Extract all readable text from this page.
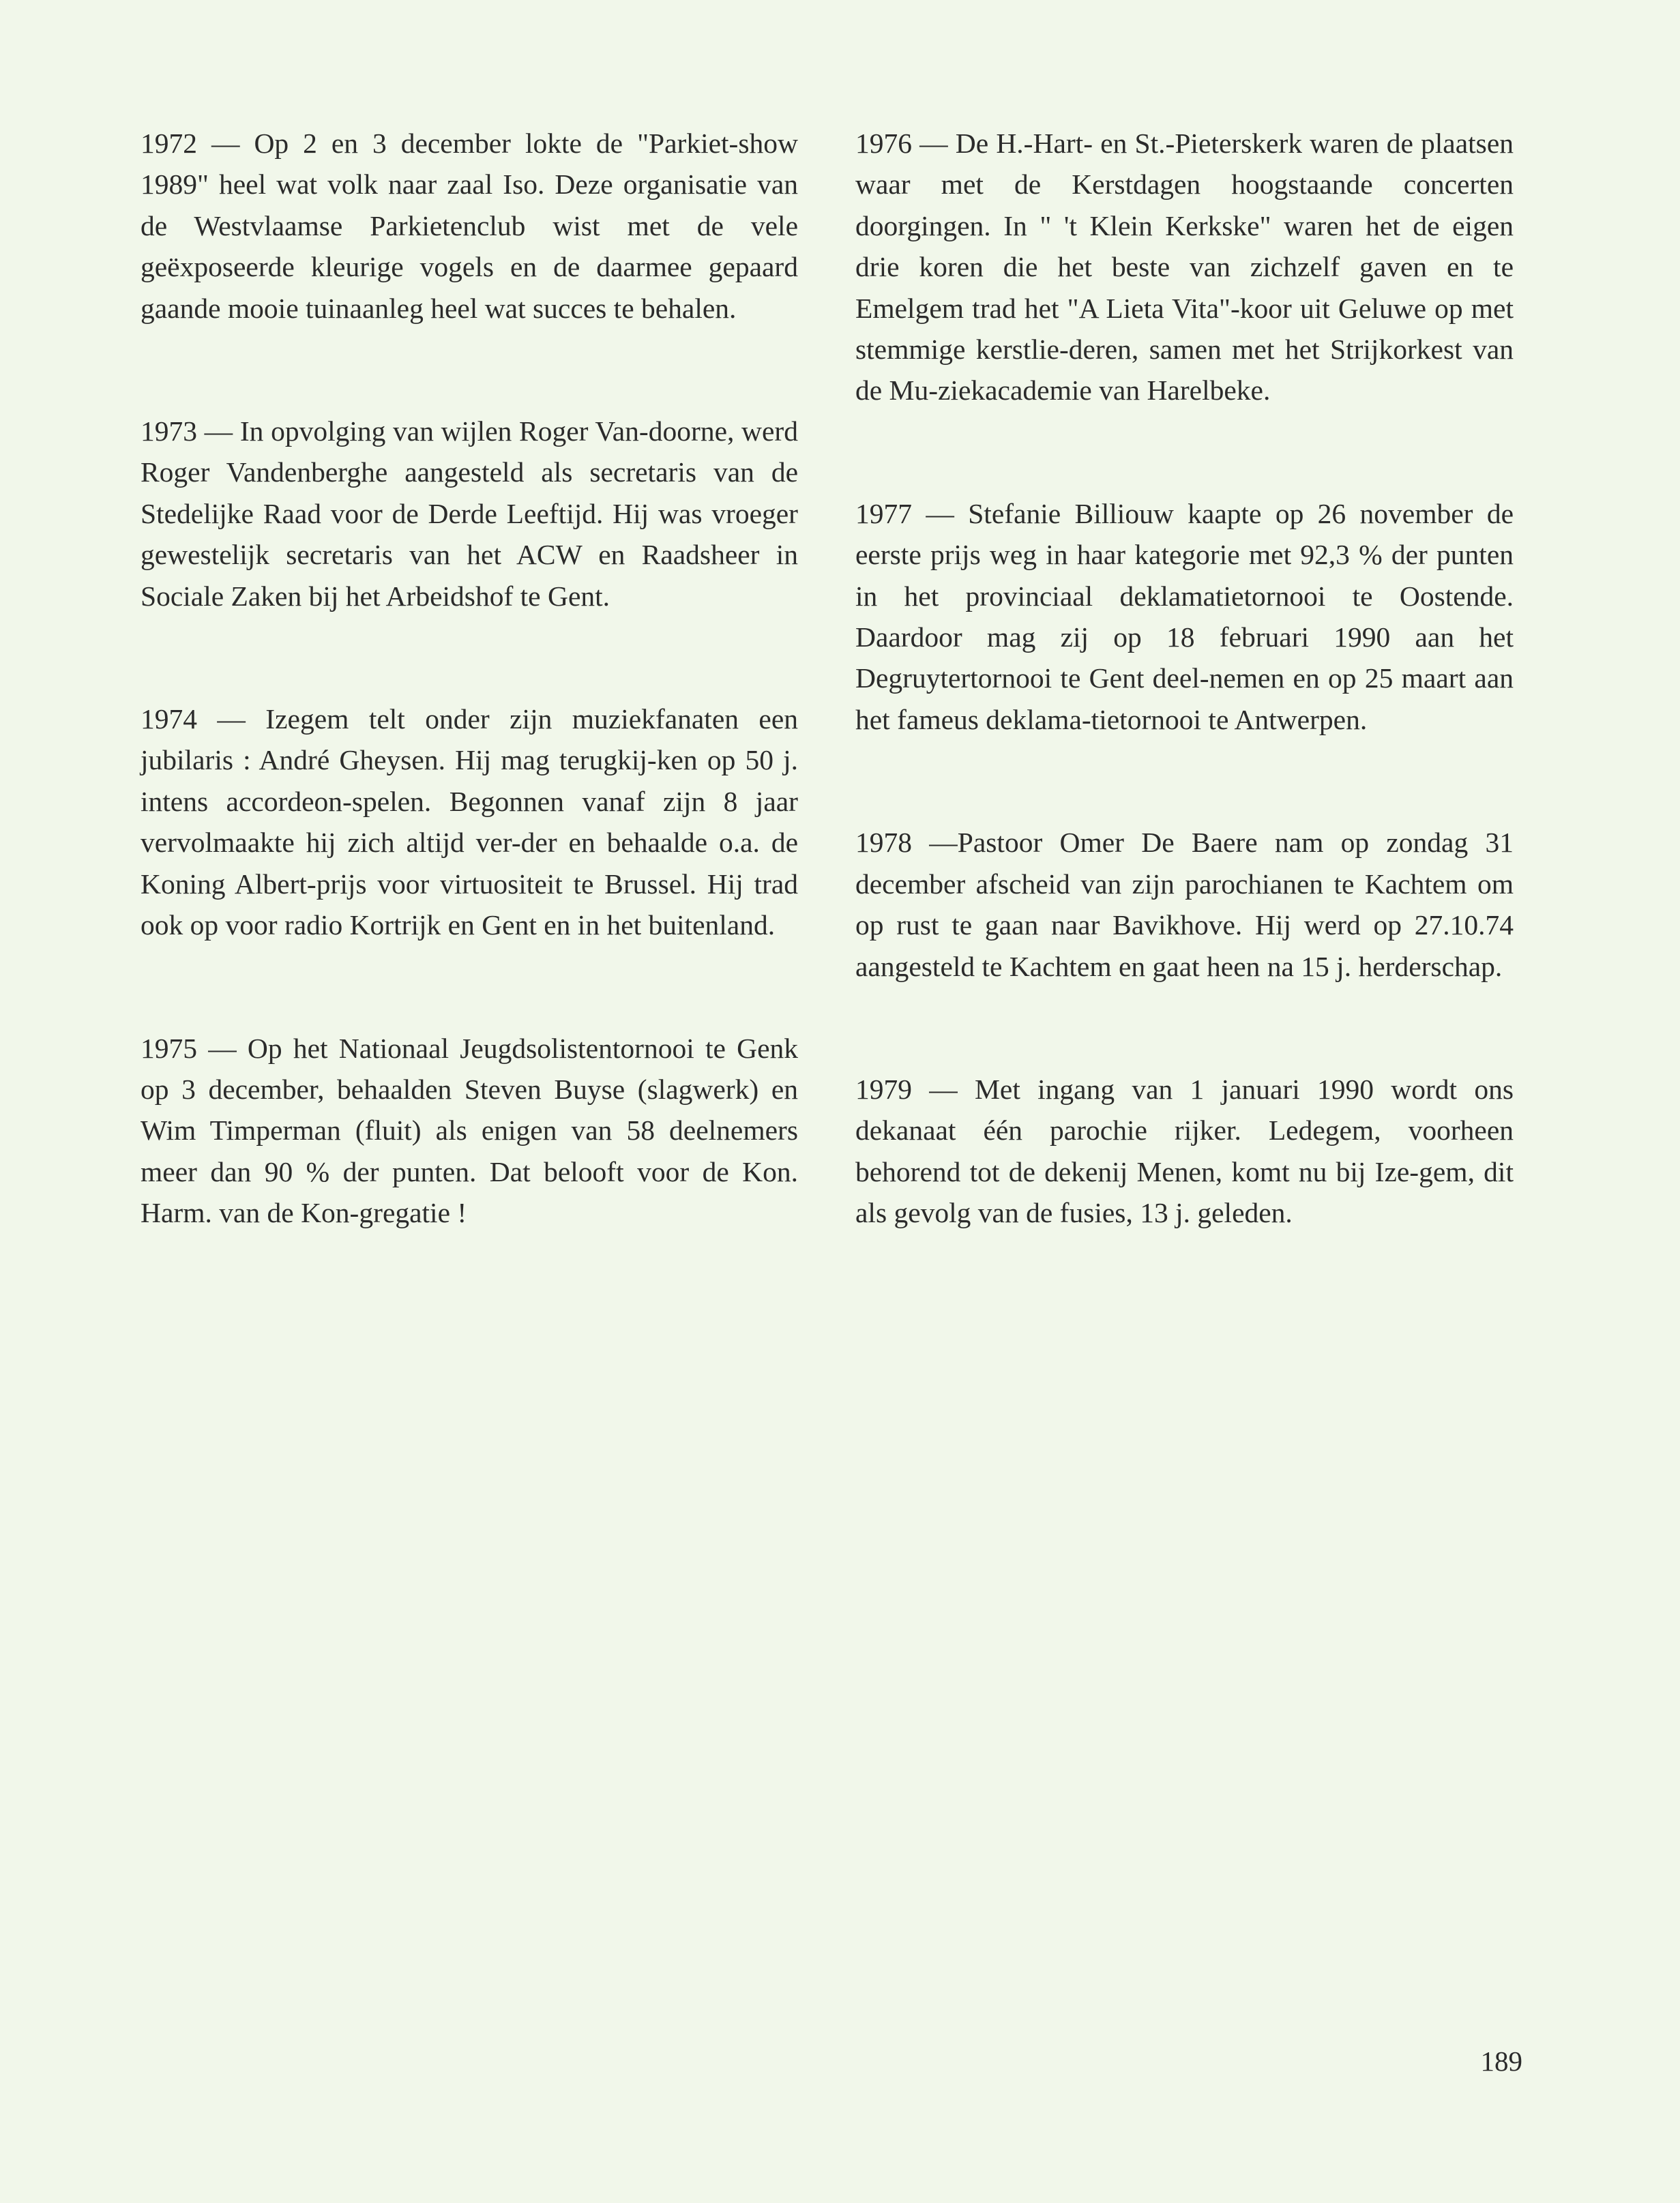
1972 — Op 2 en 3 december lokte de "Parkiet-show 1989" heel wat volk naar zaal Iso. Deze organisatie van de Westvlaamse Parkietenclub wist met de vele geëxposeerde kleurige vogels en de daarmee gepaard gaande mooie tuinaanleg heel wat succes te behalen.

1973 — In opvolging van wijlen Roger Van-doorne, werd Roger Vandenberghe aangesteld als secretaris van de Stedelijke Raad voor de Derde Leeftijd. Hij was vroeger gewestelijk secretaris van het ACW en Raadsheer in Sociale Zaken bij het Arbeidshof te Gent.

1974 — Izegem telt onder zijn muziekfanaten een jubilaris : André Gheysen. Hij mag terugkij-ken op 50 j. intens accordeon-spelen. Begonnen vanaf zijn 8 jaar vervolmaakte hij zich altijd ver-der en behaalde o.a. de Koning Albert-prijs voor virtuositeit te Brussel. Hij trad ook op voor radio Kortrijk en Gent en in het buitenland.

1975 — Op het Nationaal Jeugdsolistentornooi te Genk op 3 december, behaalden Steven Buyse (slagwerk) en Wim Timperman (fluit) als enigen van 58 deelnemers meer dan 90 % der punten. Dat belooft voor de Kon. Harm. van de Kon-gregatie !

1976 — De H.-Hart- en St.-Pieterskerk waren de plaatsen waar met de Kerstdagen hoogstaande concerten doorgingen. In " 't Klein Kerkske" waren het de eigen drie koren die het beste van zichzelf gaven en te Emelgem trad het "A Lieta Vita"-koor uit Geluwe op met stemmige kerstlie-deren, samen met het Strijkorkest van de Mu-ziekacademie van Harelbeke.

1977 — Stefanie Billiouw kaapte op 26 november de eerste prijs weg in haar kategorie met 92,3 % der punten in het provinciaal deklamatietornooi te Oostende. Daardoor mag zij op 18 februari 1990 aan het Degruytertornooi te Gent deel-nemen en op 25 maart aan het fameus deklama-tietornooi te Antwerpen.

1978 —Pastoor Omer De Baere nam op zondag 31 december afscheid van zijn parochianen te Kachtem om op rust te gaan naar Bavikhove. Hij werd op 27.10.74 aangesteld te Kachtem en gaat heen na 15 j. herderschap.

1979 — Met ingang van 1 januari 1990 wordt ons dekanaat één parochie rijker. Ledegem, voorheen behorend tot de dekenij Menen, komt nu bij Ize-gem, dit als gevolg van de fusies, 13 j. geleden.

189
